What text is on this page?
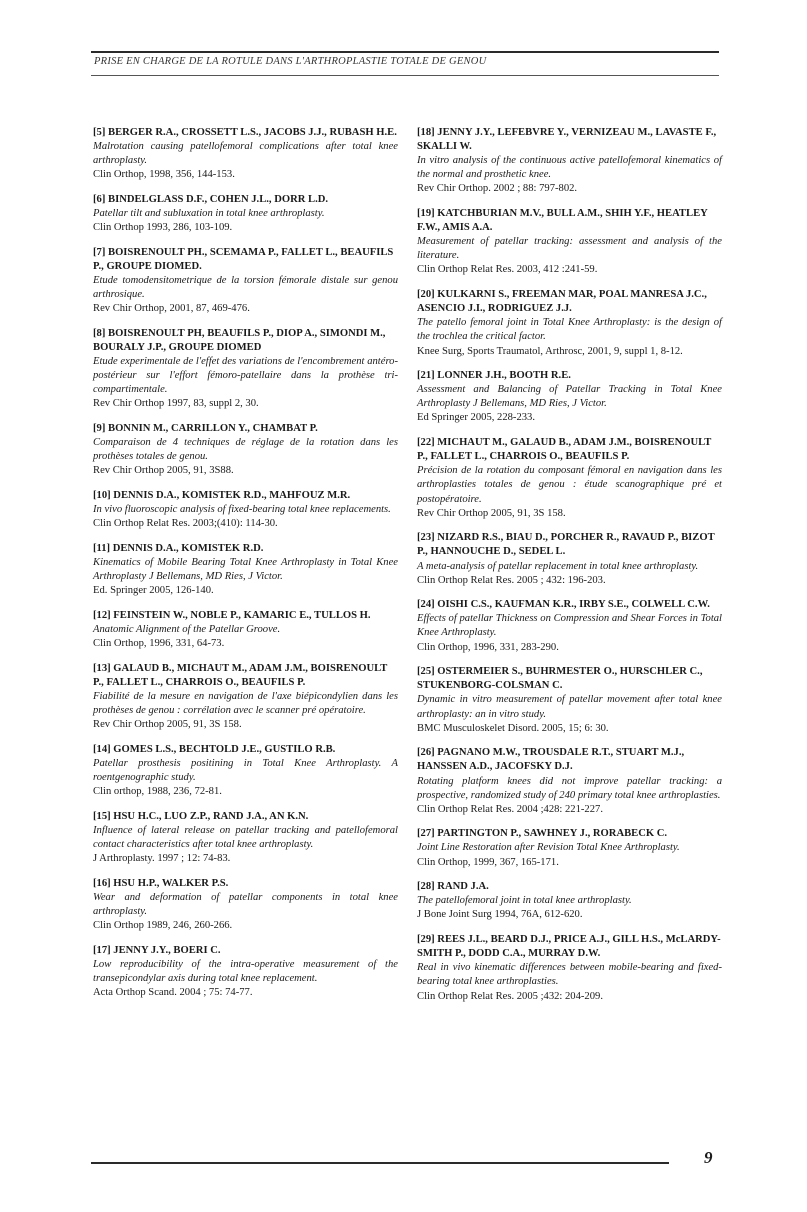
PRISE EN CHARGE DE LA ROTULE DANS L'ARTHROPLASTIE TOTALE DE GENOU
[5] BERGER R.A., CROSSETT L.S., JACOBS J.J., RUBASH H.E.
Malrotation causing patellofemoral complications after total knee arthroplasty.
Clin Orthop, 1998, 356, 144-153.
[6] BINDELGLASS D.F., COHEN J.L., DORR L.D.
Patellar tilt and subluxation in total knee arthroplasty.
Clin Orthop 1993, 286, 103-109.
[7] BOISRENOULT PH., SCEMAMA P., FALLET L., BEAUFILS P., GROUPE DIOMED.
Etude tomodensitometrique de la torsion fémorale distale sur genou arthrosique.
Rev Chir Orthop, 2001, 87, 469-476.
[8] BOISRENOULT PH, BEAUFILS P., DIOP A., SIMONDI M., BOURALY J.P., GROUPE DIOMED
Etude experimentale de l'effet des variations de l'encombrement antéro-postérieur sur l'effort fémoro-patellaire dans la prothèse tri-compartimentale.
Rev Chir Orthop 1997, 83, suppl 2, 30.
[9] BONNIN M., CARRILLON Y., CHAMBAT P.
Comparaison de 4 techniques de réglage de la rotation dans les prothèses totales de genou.
Rev Chir Orthop 2005, 91, 3S88.
[10] DENNIS D.A., KOMISTEK R.D., MAHFOUZ M.R.
In vivo fluoroscopic analysis of fixed-bearing total knee replacements.
Clin Orthop Relat Res. 2003;(410): 114-30.
[11] DENNIS D.A., KOMISTEK R.D.
Kinematics of Mobile Bearing Total Knee Arthroplasty in Total Knee Arthroplasty J Bellemans, MD Ries, J Victor.
Ed. Springer 2005, 126-140.
[12] FEINSTEIN W., NOBLE P., KAMARIC E., TULLOS H.
Anatomic Alignment of the Patellar Groove.
Clin Orthop, 1996, 331, 64-73.
[13] GALAUD B., MICHAUT M., ADAM J.M., BOISRENOULT P., FALLET L., CHARROIS O., BEAUFILS P.
Fiabilité de la mesure en navigation de l'axe biépicondylien dans les prothèses de genou : corrélation avec le scanner pré opératoire.
Rev Chir Orthop 2005, 91, 3S 158.
[14] GOMES L.S., BECHTOLD J.E., GUSTILO R.B.
Patellar prosthesis positining in Total Knee Arthroplasty. A roentgenographic study.
Clin orthop, 1988, 236, 72-81.
[15] HSU H.C., LUO Z.P., RAND J.A., AN K.N.
Influence of lateral release on patellar tracking and patellofemoral contact characteristics after total knee arthroplasty.
J Arthroplasty. 1997 ; 12: 74-83.
[16] HSU H.P., WALKER P.S.
Wear and deformation of patellar components in total knee arthroplasty.
Clin Orthop 1989, 246, 260-266.
[17] JENNY J.Y., BOERI C.
Low reproducibility of the intra-operative measurement of the transepicondylar axis during total knee replacement.
Acta Orthop Scand. 2004 ; 75: 74-77.
[18] JENNY J.Y., LEFEBVRE Y., VERNIZEAU M., LAVASTE F., SKALLI W.
In vitro analysis of the continuous active patellofemoral kinematics of the normal and prosthetic knee.
Rev Chir Orthop. 2002 ; 88: 797-802.
[19] KATCHBURIAN M.V., BULL A.M., SHIH Y.F., HEATLEY F.W., AMIS A.A.
Measurement of patellar tracking: assessment and analysis of the literature.
Clin Orthop Relat Res. 2003, 412 :241-59.
[20] KULKARNI S., FREEMAN MAR, POAL MANRESA J.C., ASENCIO J.I., RODRIGUEZ J.J.
The patello femoral joint in Total Knee Arthroplasty: is the design of the trochlea the critical factor.
Knee Surg, Sports Traumatol, Arthrosc, 2001, 9, suppl 1, 8-12.
[21] LONNER J.H., BOOTH R.E.
Assessment and Balancing of Patellar Tracking in Total Knee Arthroplasty J Bellemans, MD Ries, J Victor.
Ed Springer 2005, 228-233.
[22] MICHAUT M., GALAUD B., ADAM J.M., BOISRENOULT P., FALLET L., CHARROIS O., BEAUFILS P.
Précision de la rotation du composant fémoral en navigation dans les arthroplasties totales de genou : étude scanographique pré et postopératoire.
Rev Chir Orthop 2005, 91, 3S 158.
[23] NIZARD R.S., BIAU D., PORCHER R., RAVAUD P., BIZOT P., HANNOUCHE D., SEDEL L.
A meta-analysis of patellar replacement in total knee arthroplasty.
Clin Orthop Relat Res. 2005 ; 432: 196-203.
[24] OISHI C.S., KAUFMAN K.R., IRBY S.E., COLWELL C.W.
Effects of patellar Thickness on Compression and Shear Forces in Total Knee Arthroplasty.
Clin Orthop, 1996, 331, 283-290.
[25] OSTERMEIER S., BUHRMESTER O., HURSCHLER C., STUKENBORG-COLSMAN C.
Dynamic in vitro measurement of patellar movement after total knee arthroplasty: an in vitro study.
BMC Musculoskelet Disord. 2005, 15; 6: 30.
[26] PAGNANO M.W., TROUSDALE R.T., STUART M.J., HANSSEN A.D., JACOFSKY D.J.
Rotating platform knees did not improve patellar tracking: a prospective, randomized study of 240 primary total knee arthroplasties.
Clin Orthop Relat Res. 2004 ;428: 221-227.
[27] PARTINGTON P., SAWHNEY J., RORABECK C.
Joint Line Restoration after Revision Total Knee Arthroplasty.
Clin Orthop, 1999, 367, 165-171.
[28] RAND J.A.
The patellofemoral joint in total knee arthroplasty.
J Bone Joint Surg 1994, 76A, 612-620.
[29] REES J.L., BEARD D.J., PRICE A.J., GILL H.S., McLARDY-SMITH P., DODD C.A., MURRAY D.W.
Real in vivo kinematic differences between mobile-bearing and fixed-bearing total knee arthroplasties.
Clin Orthop Relat Res. 2005 ;432: 204-209.
9
